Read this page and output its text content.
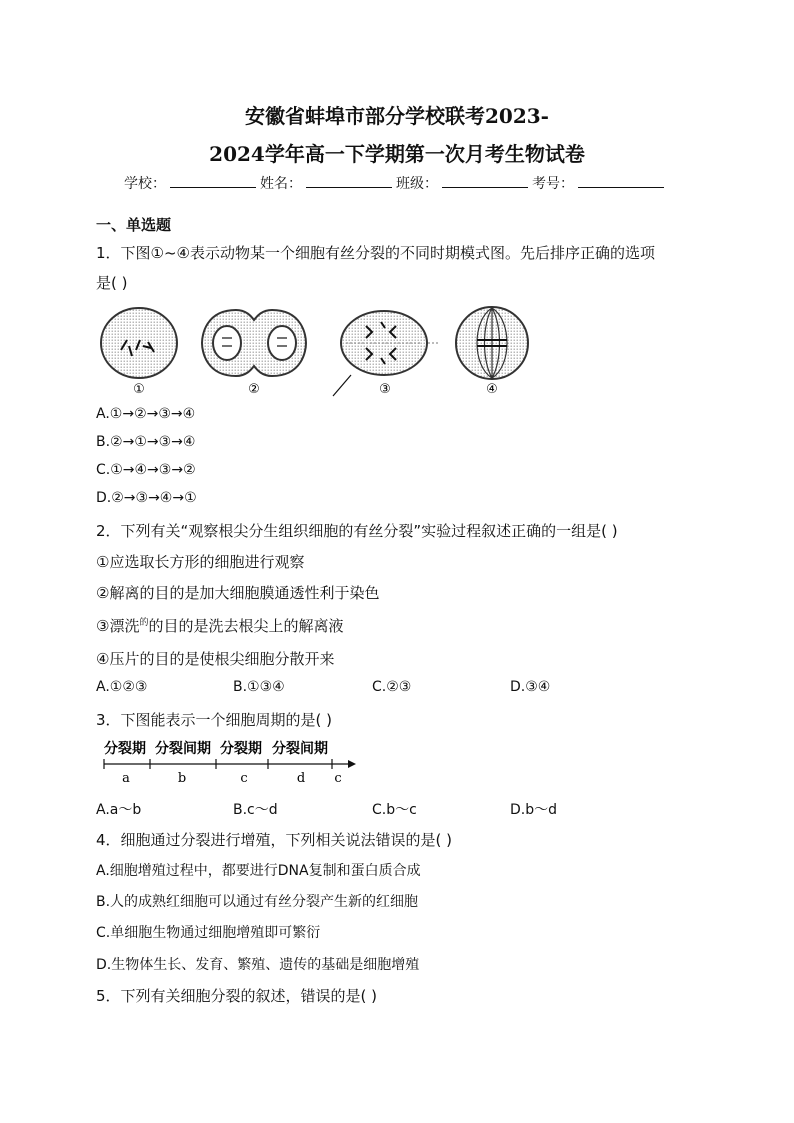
安徽省蚌埠市部分学校联考2023-
2024学年高一下学期第一次月考生物试卷
学校：	姓名：	班级：	考号：
一、单选题
1．下图①~④表示动物某一个细胞有丝分裂的不同时期模式图。先后排序正确的选项
是( )
①	②	③	④
A.①→②→③→④
B.②→①→③→④
C.①→④→③→②
D.②→③→④→①
2．下列有关“观察根尖分生组织细胞的有丝分裂”实验过程叙述正确的一组是( )
①应选取长方形的细胞进行观察
②解离的目的是加大细胞膜通透性利于染色
③漂洗$^的$的目的是洗去根尖上的解离液
④压片的目的是使根尖细胞分散开来
A.①②③	B.①③④	C.②③	D.③④
3．下图能表示一个细胞周期的是( )
分裂期 分裂间期 分裂期 分裂间期
a	b	c	d c
A.a～b	B.c～d	C.b～c	D.b～d
4．细胞通过分裂进行增殖，下列相关说法错误的是( )
A.细胞增殖过程中，都要进行DNA复制和蛋白质合成
B.人的成熟红细胞可以通过有丝分裂产生新的红细胞
C.单细胞生物通过细胞增殖即可繁衍
D.生物体生长、发育、繁殖、遗传的基础是细胞增殖
5．下列有关细胞分裂的叙述，错误的是( )
